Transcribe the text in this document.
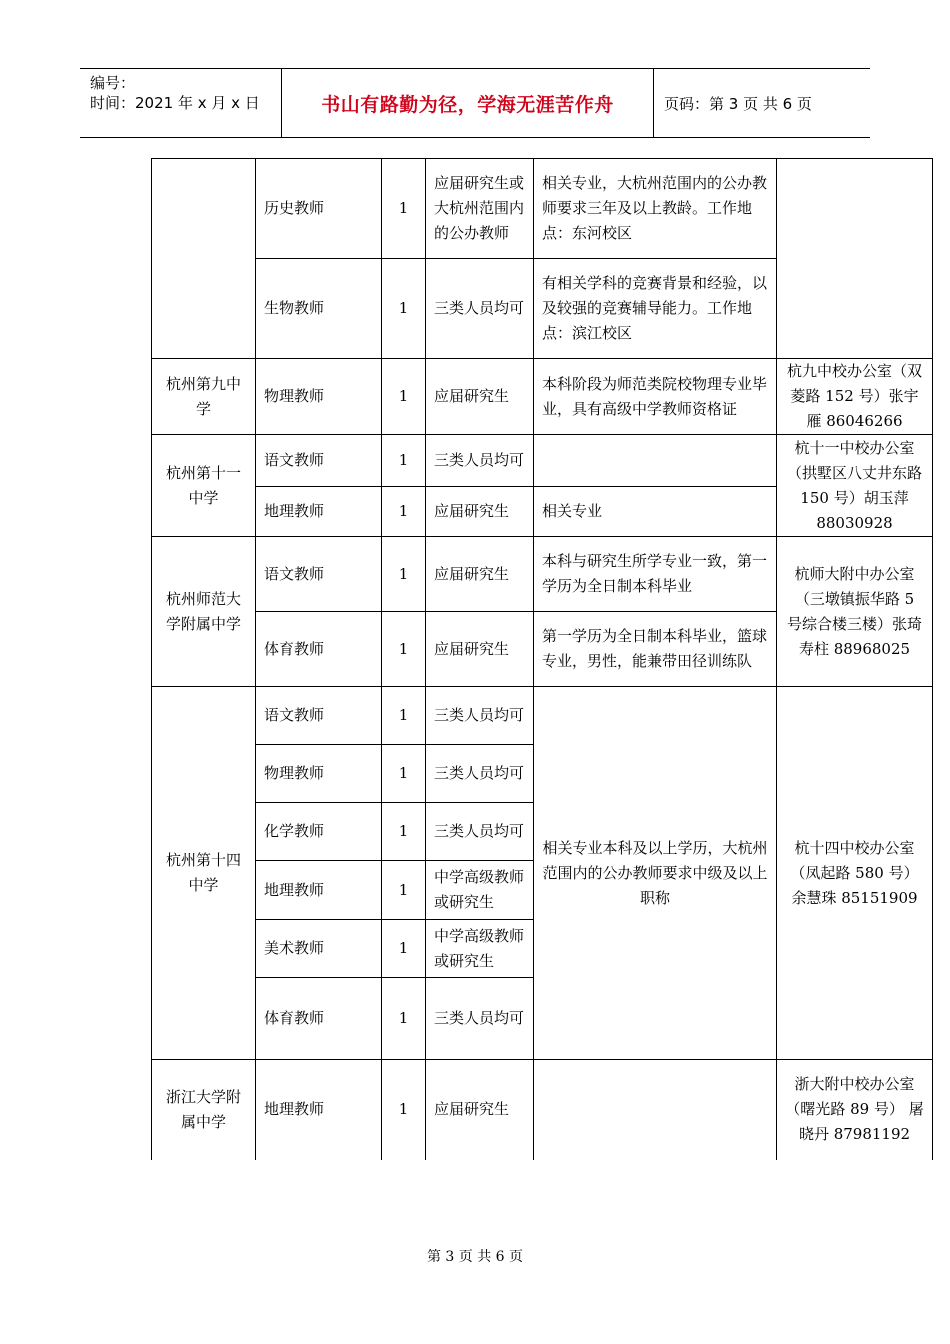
编号：
时间：2021 年 x 月 x 日	书山有路勤为径，学海无涯苦作舟	页码：第 3 页 共 6 页
	历史教师	1	应届研究生或大杭州范围内的公办教师	相关专业，大杭州范围内的公办教师要求三年及以上教龄。工作地点：东河校区	
	生物教师	1	三类人员均可	有相关学科的竞赛背景和经验，以及较强的竞赛辅导能力。工作地点：滨江校区	
杭州第九中学	物理教师	1	应届研究生	本科阶段为师范类院校物理专业毕业，具有高级中学教师资格证	杭九中校办公室（双菱路 152 号）张宇雁 86046266
杭州第十一中学	语文教师	1	三类人员均可		杭十一中校办公室（拱墅区八丈井东路 150 号）胡玉萍 88030928
	地理教师	1	应届研究生	相关专业	
杭州师范大学附属中学	语文教师	1	应届研究生	本科与研究生所学专业一致，第一学历为全日制本科毕业	杭师大附中办公室（三墩镇振华路 5 号综合楼三楼）张琦 寿柱 88968025
	体育教师	1	应届研究生	第一学历为全日制本科毕业，篮球专业，男性，能兼带田径训练队	
杭州第十四中学	语文教师	1	三类人员均可	相关专业本科及以上学历，大杭州范围内的公办教师要求中级及以上职称	杭十四中校办公室（凤起路 580 号） 余慧珠 85151909
	物理教师	1	三类人员均可		
	化学教师	1	三类人员均可		
	地理教师	1	中学高级教师或研究生		
	美术教师	1	中学高级教师或研究生		
	体育教师	1	三类人员均可		
浙江大学附属中学	地理教师	1	应届研究生		浙大附中校办公室（曙光路 89 号） 屠晓丹 87981192
第 3 页 共 6 页
